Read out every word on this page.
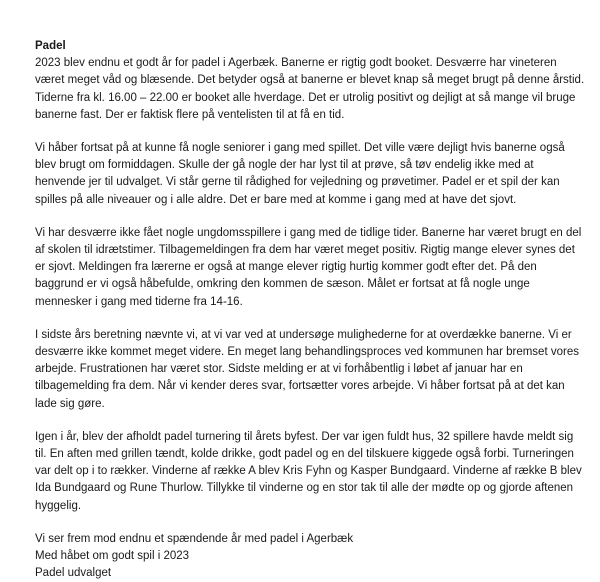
Padel
2023 blev endnu et godt år for padel i Agerbæk. Banerne er rigtig godt booket. Desværre har vineteren
været meget våd og blæsende. Det betyder også at banerne er blevet knap så meget brugt på denne årstid.
Tiderne fra kl. 16.00 – 22.00 er booket alle hverdage. Det er utrolig positivt og dejligt at så mange vil bruge
banerne fast. Der er faktisk flere på ventelisten til at få en tid.
Vi håber fortsat på at kunne få nogle seniorer i gang med spillet. Det ville være dejligt hvis banerne også
blev brugt om formiddagen. Skulle der gå nogle der har lyst til at prøve, så tøv endelig ikke med at
henvende jer til udvalget. Vi står gerne til rådighed for vejledning og prøvetimer. Padel er et spil der kan
spilles på alle niveauer og i alle aldre. Det er bare med at komme i gang med at have det sjovt.
Vi har desværre ikke fået nogle ungdomsspillere i gang med de tidlige tider. Banerne har været brugt en del
af skolen til idrætstimer. Tilbagemeldingen fra dem har været meget positiv. Rigtig mange elever synes det
er sjovt. Meldingen fra lærerne er også at mange elever rigtig hurtig kommer godt efter det. På den
baggrund er vi også håbefulde, omkring den kommen de sæson. Målet er fortsat at få nogle unge
mennesker i gang med tiderne fra 14-16.
I sidste års beretning nævnte vi, at vi var ved at undersøge mulighederne for at overdække banerne. Vi er
desværre ikke kommet meget videre. En meget lang behandlingsproces ved kommunen har bremset vores
arbejde. Frustrationen har været stor. Sidste melding er at vi forhåbentlig i løbet af januar har en
tilbagemelding fra dem. Når vi kender deres svar, fortsætter vores arbejde. Vi håber fortsat på at det kan
lade sig gøre.
Igen i år, blev der afholdt padel turnering til årets byfest. Der var igen fuldt hus, 32 spillere havde meldt sig
til. En aften med grillen tændt, kolde drikke, godt padel og en del tilskuere kiggede også forbi. Turneringen
var delt op i to rækker. Vinderne af række A blev Kris Fyhn og Kasper Bundgaard. Vinderne af række B blev
Ida Bundgaard og Rune Thurlow. Tillykke til vinderne og en stor tak til alle der mødte op og gjorde aftenen
hyggelig.
Vi ser frem mod endnu et spændende år med padel i Agerbæk
Med håbet om godt spil i 2023
Padel udvalget
